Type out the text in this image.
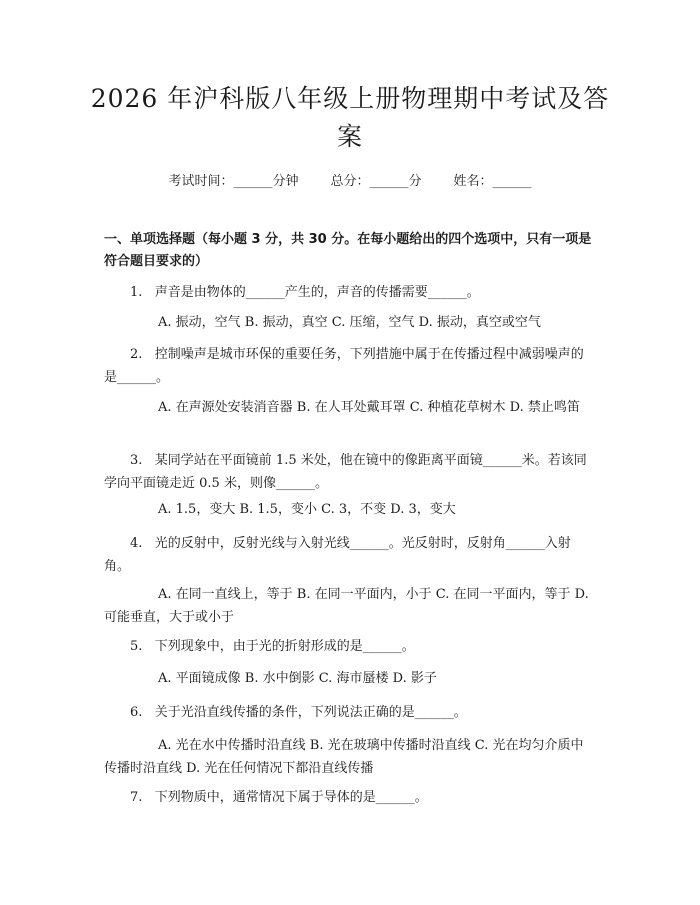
2026 年沪科版八年级上册物理期中考试及答案
考试时间：______分钟 总分：______分 姓名：______
一、单项选择题（每小题 3 分，共 30 分。在每小题给出的四个选项中，只有一项是符合题目要求的）
1.   声音是由物体的______产生的，声音的传播需要______。
A. 振动，空气 B. 振动，真空 C. 压缩，空气 D. 振动，真空或空气
2.   控制噪声是城市环保的重要任务，下列措施中属于在传播过程中减弱噪声的是______。
A. 在声源处安装消音器 B. 在人耳处戴耳罩 C. 种植花草树木 D. 禁止鸣笛
3.   某同学站在平面镜前 1.5 米处，他在镜中的像距离平面镜______米。若该同学向平面镜走近 0.5 米，则像______。
A. 1.5，变大 B. 1.5，变小 C. 3，不变 D. 3，变大
4.   光的反射中，反射光线与入射光线______。光反射时，反射角______入射角。
A. 在同一直线上，等于 B. 在同一平面内，小于 C. 在同一平面内，等于 D. 可能垂直，大于或小于
5.   下列现象中，由于光的折射形成的是______。
A. 平面镜成像 B. 水中倒影 C. 海市蜃楼 D. 影子
6.   关于光沿直线传播的条件，下列说法正确的是______。
A. 光在水中传播时沿直线 B. 光在玻璃中传播时沿直线 C. 光在均匀介质中传播时沿直线 D. 光在任何情况下都沿直线传播
7.   下列物质中，通常情况下属于导体的是______。
